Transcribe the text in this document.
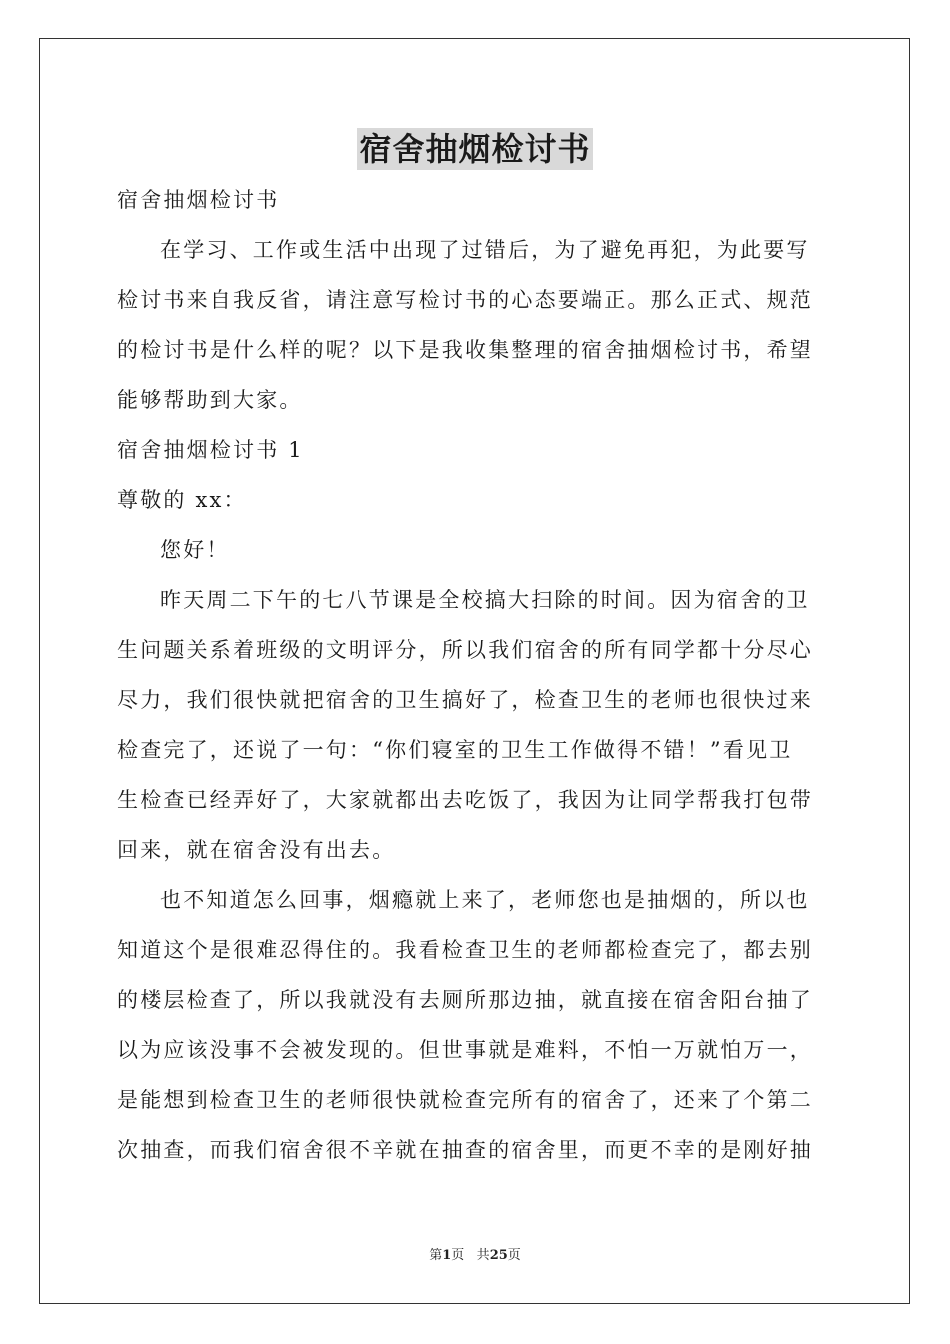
宿舍抽烟检讨书
宿舍抽烟检讨书
在学习、工作或生活中出现了过错后，为了避免再犯，为此要写
检讨书来自我反省，请注意写检讨书的心态要端正。那么正式、规范
的检讨书是什么样的呢？以下是我收集整理的宿舍抽烟检讨书，希望
能够帮助到大家。
宿舍抽烟检讨书 1
尊敬的 xx：
您好！
昨天周二下午的七八节课是全校搞大扫除的时间。因为宿舍的卫
生问题关系着班级的文明评分，所以我们宿舍的所有同学都十分尽心
尽力，我们很快就把宿舍的卫生搞好了，检查卫生的老师也很快过来
检查完了，还说了一句：“你们寝室的卫生工作做得不错！”看见卫
生检查已经弄好了，大家就都出去吃饭了，我因为让同学帮我打包带
回来，就在宿舍没有出去。
也不知道怎么回事，烟瘾就上来了，老师您也是抽烟的，所以也
知道这个是很难忍得住的。我看检查卫生的老师都检查完了，都去别
的楼层检查了，所以我就没有去厕所那边抽，就直接在宿舍阳台抽了
以为应该没事不会被发现的。但世事就是难料，不怕一万就怕万一，
是能想到检查卫生的老师很快就检查完所有的宿舍了，还来了个第二
次抽查，而我们宿舍很不辛就在抽查的宿舍里，而更不幸的是刚好抽
第1页 共25页
